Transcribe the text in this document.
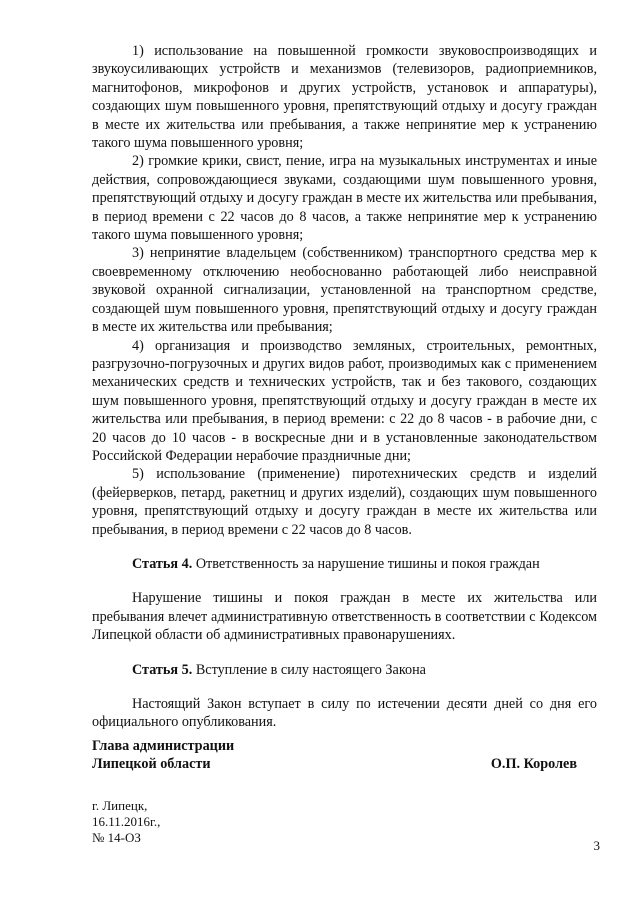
1) использование на повышенной громкости звуковоспроизводящих и звукоусиливающих устройств и механизмов (телевизоров, радиоприемников, магнитофонов, микрофонов и других устройств, установок и аппаратуры), создающих шум повышенного уровня, препятствующий отдыху и досугу граждан в месте их жительства или пребывания, а также непринятие мер к устранению такого шума повышенного уровня;

2) громкие крики, свист, пение, игра на музыкальных инструментах и иные действия, сопровождающиеся звуками, создающими шум повышенного уровня, препятствующий отдыху и досугу граждан в месте их жительства или пребывания, в период времени с 22 часов до 8 часов, а также непринятие мер к устранению такого шума повышенного уровня;

3) непринятие владельцем (собственником) транспортного средства мер к своевременному отключению необоснованно работающей либо неисправной звуковой охранной сигнализации, установленной на транспортном средстве, создающей шум повышенного уровня, препятствующий отдыху и досугу граждан в месте их жительства или пребывания;

4) организация и производство земляных, строительных, ремонтных, разгрузочно-погрузочных и других видов работ, производимых как с применением механических средств и технических устройств, так и без такового, создающих шум повышенного уровня, препятствующий отдыху и досугу граждан в месте их жительства или пребывания, в период времени: с 22 до 8 часов - в рабочие дни, с 20 часов до 10 часов - в воскресные дни и в установленные законодательством Российской Федерации нерабочие праздничные дни;

5) использование (применение) пиротехнических средств и изделий (фейерверков, петард, ракетниц и других изделий), создающих шум повышенного уровня, препятствующий отдыху и досугу граждан в месте их жительства или пребывания, в период времени с 22 часов до 8 часов.

Статья 4. Ответственность за нарушение тишины и покоя граждан

Нарушение тишины и покоя граждан в месте их жительства или пребывания влечет административную ответственность в соответствии с Кодексом Липецкой области об административных правонарушениях.

Статья 5. Вступление в силу настоящего Закона

Настоящий Закон вступает в силу по истечении десяти дней со дня его официального опубликования.

Глава администрации
Липецкой области	О.П. Королев
г. Липецк,
16.11.2016г.,
№ 14-ОЗ
3
